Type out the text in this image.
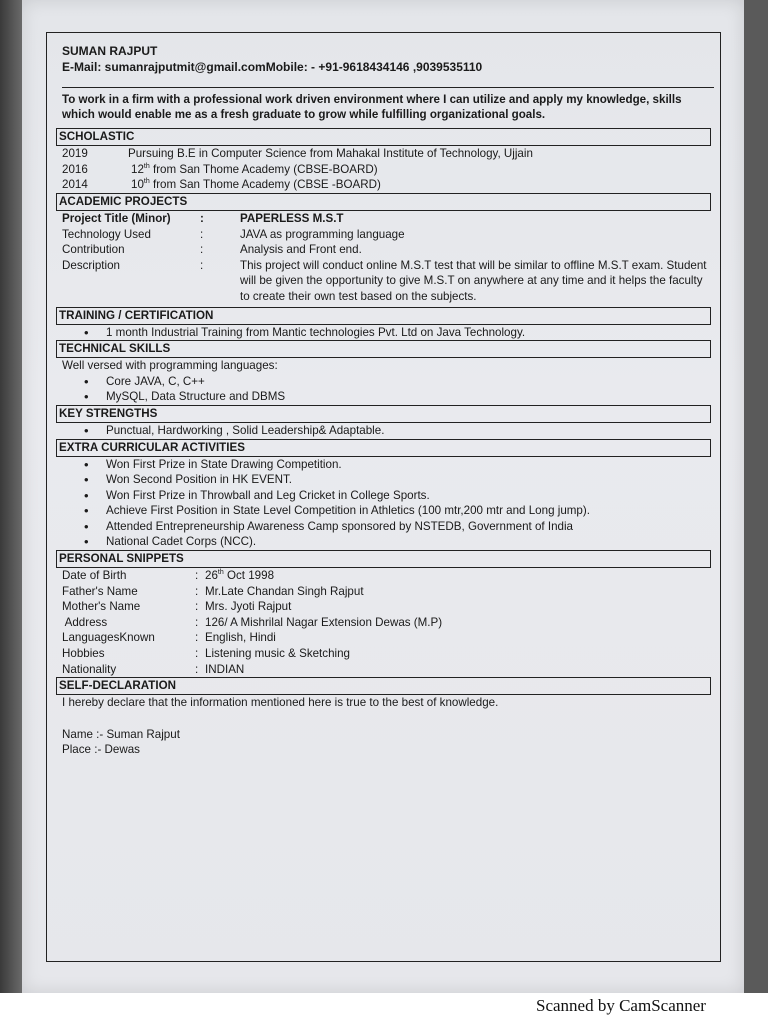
SUMAN RAJPUT
E-Mail: sumanrajputmit@gmail.comMobile: - +91-9618434146 ,9039535110
To work in a firm with a professional work driven environment where I can utilize and apply my knowledge, skills which would enable me as a fresh graduate to grow while fulfilling organizational goals.
SCHOLASTIC
2019	Pursuing B.E in Computer Science from Mahakal Institute of Technology, Ujjain
2016	12th from San Thome Academy (CBSE-BOARD)
2014	10th from San Thome Academy (CBSE -BOARD)
ACADEMIC PROJECTS
Project Title (Minor)	:	PAPERLESS M.S.T
Technology Used	:	JAVA as programming language
Contribution	:	Analysis and Front end.
Description	:	This project will conduct online M.S.T test that will be similar to offline M.S.T exam. Student will be given the opportunity to give M.S.T on anywhere at any time and it helps the faculty to create their own test based on the subjects.
TRAINING / CERTIFICATION
• 1 month Industrial Training from Mantic technologies Pvt. Ltd on Java Technology.
TECHNICAL SKILLS
Well versed with programming languages:
• Core JAVA, C, C++
• MySQL, Data Structure and DBMS
KEY STRENGTHS
• Punctual, Hardworking , Solid Leadership& Adaptable.
EXTRA CURRICULAR ACTIVITIES
• Won First Prize in State Drawing Competition.
• Won Second Position in HK EVENT.
• Won First Prize in Throwball and Leg Cricket in College Sports.
• Achieve First Position in State Level Competition in Athletics (100 mtr,200 mtr and Long jump).
• Attended Entrepreneurship Awareness Camp sponsored by NSTEDB, Government of India
• National Cadet Corps (NCC).
PERSONAL SNIPPETS
Date of Birth	: 26th Oct 1998
Father's Name	: Mr.Late Chandan Singh Rajput
Mother's Name	: Mrs. Jyoti Rajput
Address	: 126/ A Mishrilal Nagar Extension Dewas (M.P)
LanguagesKnown	: English, Hindi
Hobbies	: Listening music & Sketching
Nationality	: INDIAN
SELF-DECLARATION
I hereby declare that the information mentioned here is true to the best of knowledge.
Name :- Suman Rajput
Place :- Dewas
Scanned by CamScanner
